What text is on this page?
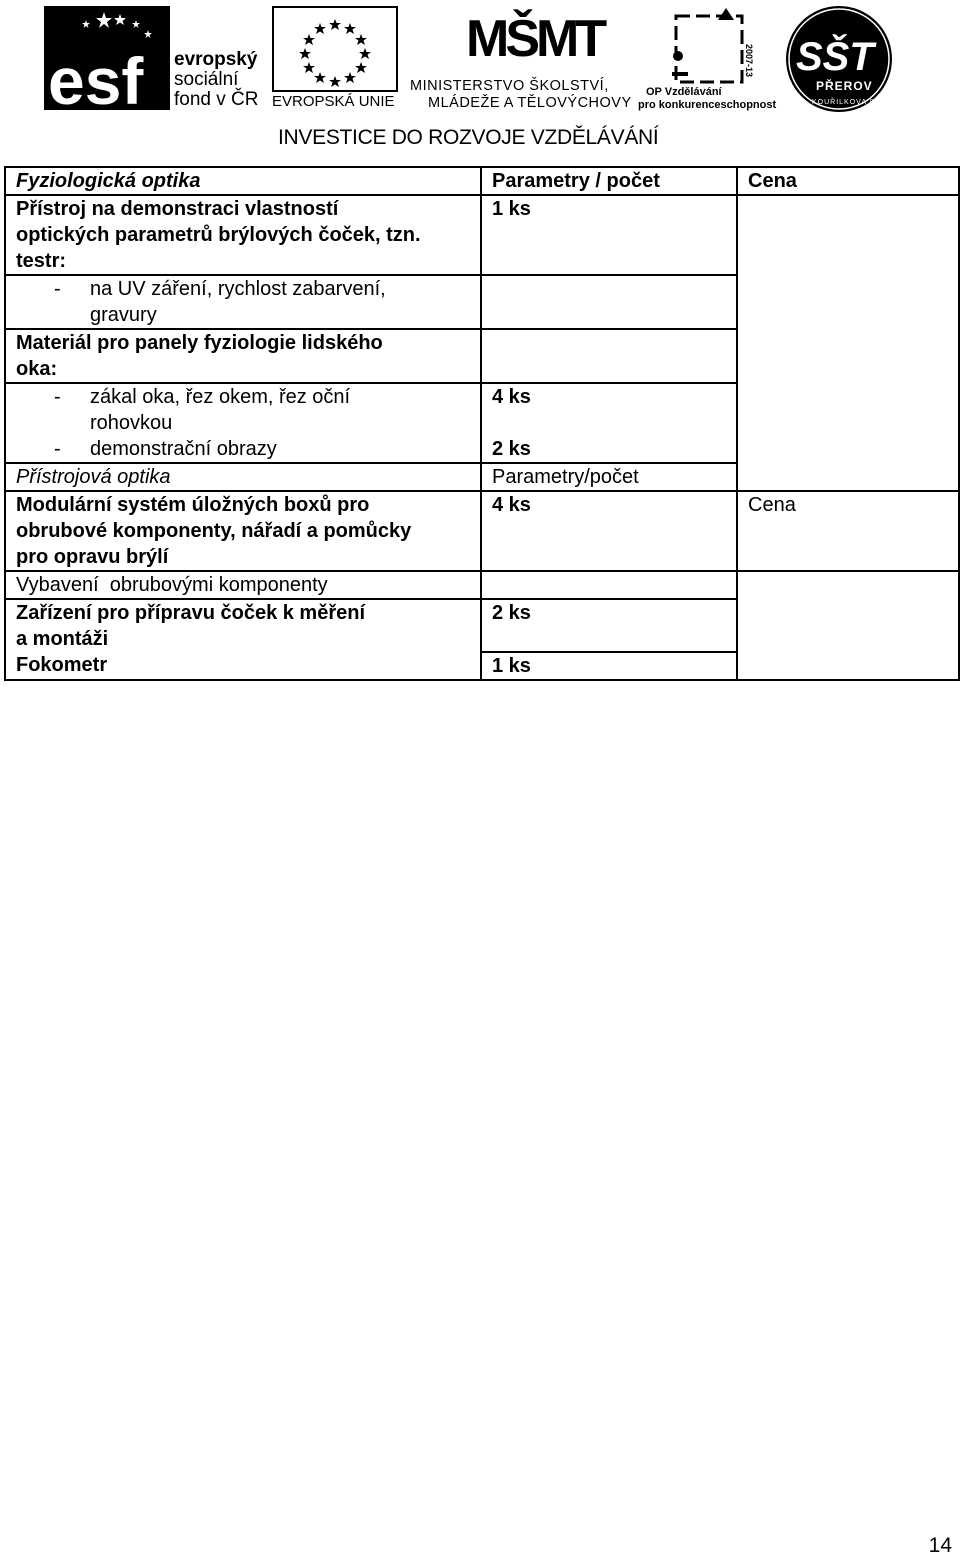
esf evropský
sociální
fond v ČR EVROPSKÁ UNIE
MŠMT
MINISTERSTVO ŠKOLSTVÍ,
MLÁDEŽE A TĚLOVÝCHOVY
2007-13
OP Vzdělávání
pro konkurenceschopnost
SŠT
PŘEROV
KOUŘILKOVA 8
INVESTICE DO ROZVOJE VZDĚLÁVÁNÍ
Fyziologická optika	Parametry / počet	Cena

Přístroj na demonstraci vlastností
optických parametrů brýlových čoček, tzn.
testr:	1 ks	

- na UV záření, rychlost zabarvení,
gravury		

Materiál pro panely fyziologie lidského
oka:		

- zákal oka, řez okem, řez oční
rohovkou	4 ks	

- demonstrační obrazy	2 ks	
Přístrojová optika	Parametry/počet	

Modulární systém úložných boxů pro
obrubové komponenty, nářadí a pomůcky
pro opravu brýlí	4 ks	Cena
Vybavení  obrubovými komponenty		

Zařízení pro přípravu čoček k měření
a montáži	2 ks	
Fokometr	1 ks	
14
